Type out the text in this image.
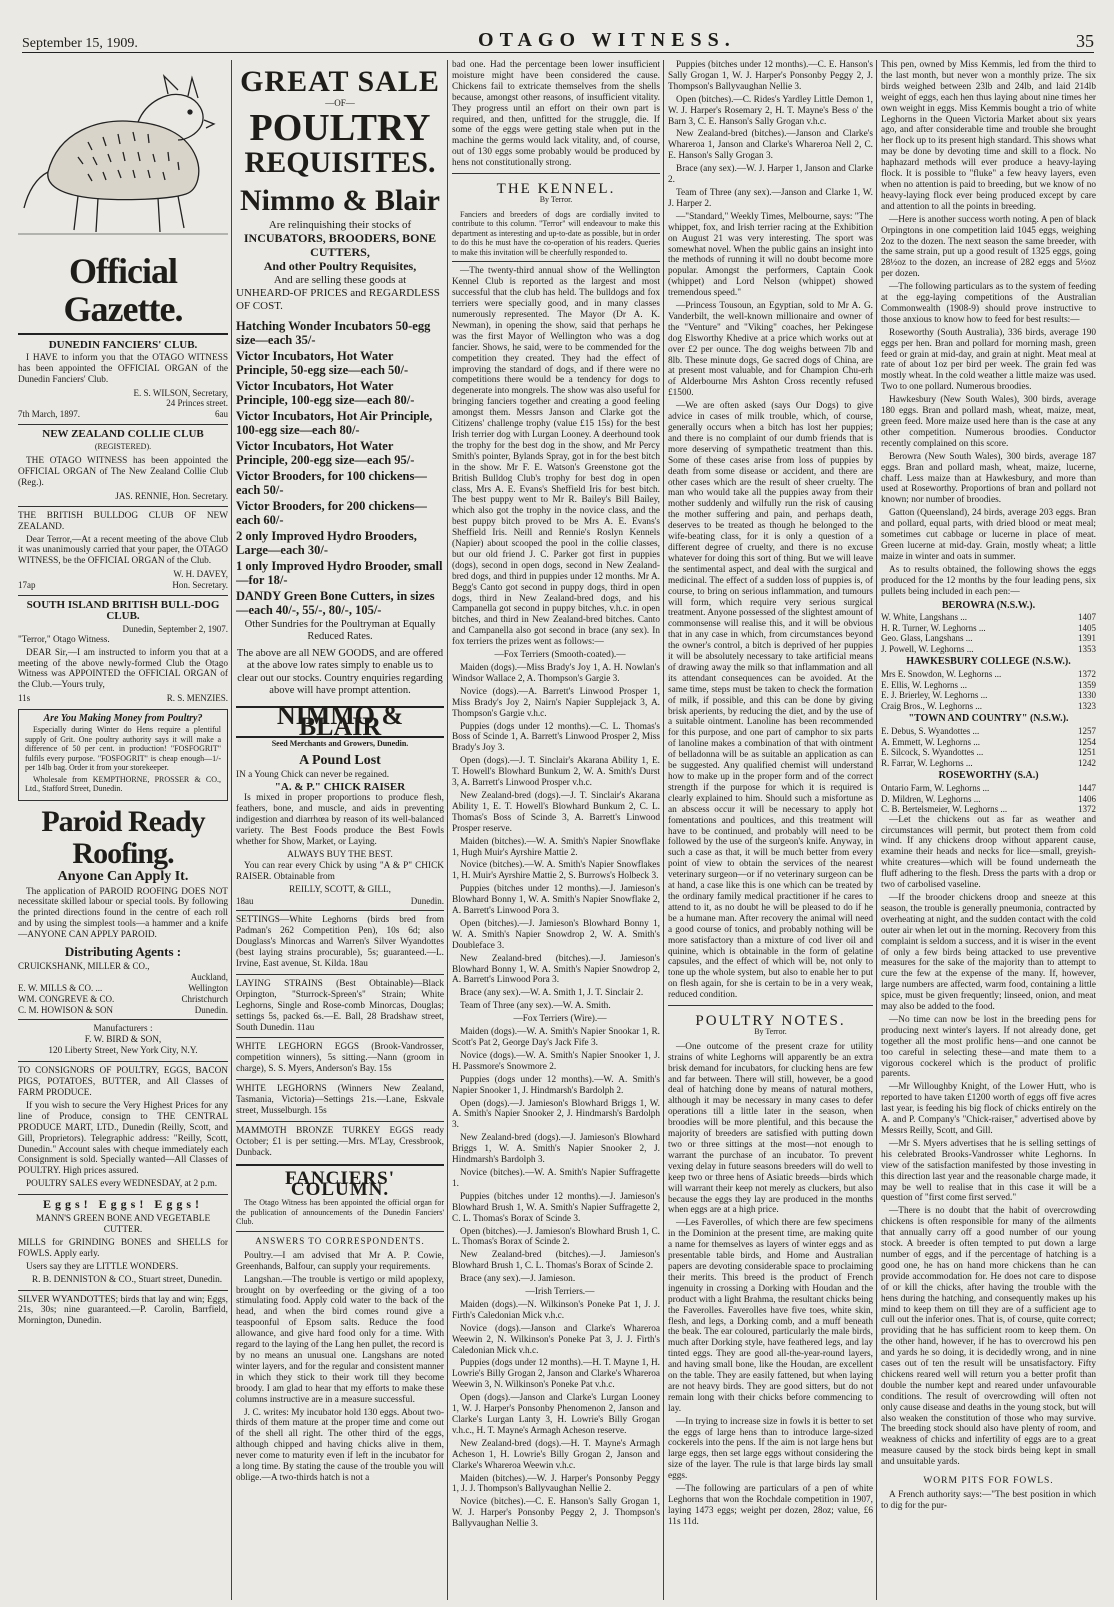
September 15, 1909.	OTAGO WITNESS.	35
Official Gazette.
DUNEDIN FANCIERS' CLUB.

I HAVE to inform you that the OTAGO WITNESS has been appointed the OFFICIAL ORGAN of the Dunedin Fanciers' Club.

E. S. WILSON, Secretary,
24 Princes street.
7th March, 1897.	6au
NEW ZEALAND COLLIE CLUB
(REGISTERED).

THE OTAGO WITNESS has been appointed the OFFICIAL ORGAN of The New Zealand Collie Club (Reg.).

JAS. RENNIE, Hon. Secretary.

THE BRITISH BULLDOG CLUB OF NEW ZEALAND.

Dear Terror,—At a recent meeting of the above Club it was unanimously carried that your paper, the OTAGO WITNESS, be the OFFICIAL ORGAN of the Club.

W. H. DAVEY,
17ap	Hon. Secretary.
SOUTH ISLAND BRITISH BULL-DOG CLUB.
Dunedin, September 2, 1907.

"Terror," Otago Witness.

DEAR Sir,—I am instructed to inform you that at a meeting of the above newly-formed Club the Otago Witness was APPOINTED the OFFICIAL ORGAN of the Club.—Yours truly,

11s	R. S. MENZIES.
Are You Making Money from Poultry?

Especially during Winter do Hens require a plentiful supply of Grit. One poultry authority says it will make a difference of 50 per cent. in production! "FOSFOGRIT" fulfils every purpose. "FOSFOGRIT" is cheap enough—1/- per 14lb bag. Order it from your storekeeper.

Wholesale from KEMPTHORNE, PROSSER & CO., Ltd., Stafford Street, Dunedin.

Paroid Ready Roofing.
Anyone Can Apply It.

The application of PAROID ROOFING DOES NOT necessitate skilled labour or special tools. By following the printed directions found in the centre of each roll and by using the simplest tools—a hammer and a knife—ANYONE CAN APPLY PAROID.

Distributing Agents :
CRUICKSHANK, MILLER & CO.,
Auckland,
E. W. MILLS & CO. ...	Wellington
WM. CONGREVE & CO.	Christchurch
C. M. HOWISON & SON	Dunedin.
Manufacturers :
F. W. BIRD & SON,
120 Liberty Street, New York City, N.Y.

TO CONSIGNORS OF POULTRY, EGGS, BACON PIGS, POTATOES, BUTTER, and All Classes of FARM PRODUCE.

If you wish to secure the Very Highest Prices for any line of Produce, consign to THE CENTRAL PRODUCE MART, LTD., Dunedin (Reilly, Scott, and Gill, Proprietors). Telegraphic address: "Reilly, Scott, Dunedin." Account sales with cheque immediately each Consignment is sold. Specially wanted—All Classes of POULTRY. High prices assured.

POULTRY SALES every WEDNESDAY, at 2 p.m.

Eggs! Eggs! Eggs!

MANN'S GREEN BONE AND VEGETABLE CUTTER.

MILLS for GRINDING BONES and SHELLS for FOWLS. Apply early.

Users say they are LITTLE WONDERS.

R. B. DENNISTON & CO., Stuart street, Dunedin.

SILVER WYANDOTTES; birds that lay and win; Eggs, 21s, 30s; nine guaranteed.—P. Carolin, Barrfield, Mornington, Dunedin.

GREAT SALE
—OF—
POULTRY
REQUISITES.
Nimmo & Blair
Are relinquishing their stocks of
INCUBATORS, BROODERS, BONE CUTTERS,
And other Poultry Requisites,
And are selling these goods at
UNHEARD-OF PRICES and REGARDLESS OF COST.
Hatching Wonder Incubators 50-egg size—each 35/-
Victor Incubators, Hot Water Principle, 50-egg size—each 50/-
Victor Incubators, Hot Water Principle, 100-egg size—each 80/-
Victor Incubators, Hot Air Principle, 100-egg size—each 80/-
Victor Incubators, Hot Water Principle, 200-egg size—each 95/-
Victor Brooders, for 100 chickens—each 50/-
Victor Brooders, for 200 chickens—each 60/-
2 only Improved Hydro Brooders, Large—each 30/-
1 only Improved Hydro Brooder, small—for 18/-
DANDY Green Bone Cutters, in sizes—each 40/-, 55/-, 80/-, 105/-
Other Sundries for the Poultryman at Equally Reduced Rates.
The above are all NEW GOODS, and are offered at the above low rates simply to enable us to clear out our stocks. Country enquiries regarding above will have prompt attention.
NIMMO & BLAIR
Seed Merchants and Growers, Dunedin.
A Pound Lost

IN a Young Chick can never be regained.

"A. & P." CHICK RAISER

Is mixed in proper proportions to produce flesh, feathers, bone, and muscle, and aids in preventing indigestion and diarrhœa by reason of its well-balanced variety. The Best Foods produce the Best Fowls whether for Show, Market, or Laying.

ALWAYS BUY THE BEST.

You can rear every Chick by using "A & P" CHICK RAISER. Obtainable from

REILLY, SCOTT, & GILL,
18au	Dunedin.

SETTINGS—White Leghorns (birds bred from Padman's 262 Competition Pen), 10s 6d; also Douglass's Minorcas and Warren's Silver Wyandottes (best laying strains procurable), 5s; guaranteed.—L. Irvine, East avenue, St. Kilda. 18au

LAYING STRAINS (Best Obtainable)—Black Orpington, "Sturrock-Spreen's" Strain; White Leghorns, Single and Rose-comb Minorcas, Douglas; settings 5s, packed 6s.—E. Ball, 28 Bradshaw street, South Dunedin. 11au

WHITE LEGHORN EGGS (Brook-Vandrosser, competition winners), 5s sitting.—Nann (groom in charge), S. S. Myers, Anderson's Bay. 15s

WHITE LEGHORNS (Winners New Zealand, Tasmania, Victoria)—Settings 21s.—Lane, Eskvale street, Musselburgh. 15s

MAMMOTH BRONZE TURKEY EGGS ready October; £1 is per setting.—Mrs. M'Lay, Cressbrook, Dunback.

FANCIERS' COLUMN.

The Otago Witness has been appointed the official organ for the publication of announcements of the Dunedin Fanciers' Club.

ANSWERS TO CORRESPONDENTS.

Poultry.—I am advised that Mr A. P. Cowie, Greenhands, Balfour, can supply your requirements.

Langshan.—The trouble is vertigo or mild apoplexy, brought on by overfeeding or the giving of a too stimulating food. Apply cold water to the back of the head, and when the bird comes round give a teaspoonful of Epsom salts. Reduce the food allowance, and give hard food only for a time. With regard to the laying of the Lang hen pullet, the record is by no means an unusual one. Langshans are noted winter layers, and for the regular and consistent manner in which they stick to their work till they become broody. I am glad to hear that my efforts to make these columns instructive are in a measure successful.

J. C. writes: My incubator hold 130 eggs. About two-thirds of them mature at the proper time and come out of the shell all right. The other third of the eggs, although chipped and having chicks alive in them, never come to maturity even if left in the incubator for a long time. By stating the cause of the trouble you will oblige.—A two-thirds hatch is not a

bad one. Had the percentage been lower insufficient moisture might have been considered the cause. Chickens fail to extricate themselves from the shells because, amongst other reasons, of insufficient vitality. They progress until an effort on their own part is required, and then, unfitted for the struggle, die. If some of the eggs were getting stale when put in the machine the germs would lack vitality, and, of course, out of 130 eggs some probably would be produced by hens not constitutionally strong.

THE KENNEL.
By Terror.

Fanciers and breeders of dogs are cordially invited to contribute to this column. "Terror" will endeavour to make this department as interesting and up-to-date as possible, but in order to do this he must have the co-operation of his readers. Queries to make this invitation will be cheerfully responded to.

—The twenty-third annual show of the Wellington Kennel Club is reported as the largest and most successful that the club has held. The bulldogs and fox terriers were specially good, and in many classes numerously represented. The Mayor (Dr A. K. Newman), in opening the show, said that perhaps he was the first Mayor of Wellington who was a dog fancier. Shows, he said, were to be commended for the competition they created. They had the effect of improving the standard of dogs, and if there were no competitions there would be a tendency for dogs to degenerate into mongrels. The show was also useful for bringing fanciers together and creating a good feeling amongst them. Messrs Janson and Clarke got the Citizens' challenge trophy (value £15 15s) for the best Irish terrier dog with Lurgan Looney. A deerhound took the trophy for the best dog in the show, and Mr Percy Smith's pointer, Bylands Spray, got in for the best bitch in the show. Mr F. E. Watson's Greenstone got the British Bulldog Club's trophy for best dog in open class, Mrs A. E. Evans's Sheffield Iris for best bitch. The best puppy went to Mr R. Bailey's Bill Bailey, which also got the trophy in the novice class, and the best puppy bitch proved to be Mrs A. E. Evans's Sheffield Iris. Neill and Rennie's Roslyn Kennels (Napier) about scooped the pool in the collie classes, but our old friend J. C. Parker got first in puppies (dogs), second in open dogs, second in New Zealand-bred dogs, and third in puppies under 12 months. Mr A. Begg's Canto got second in puppy dogs, third in open dogs, third in New Zealand-bred dogs, and his Campanella got second in puppy bitches, v.h.c. in open bitches, and third in New Zealand-bred bitches. Canto and Campanella also got second in brace (any sex). In fox terriers the prizes went as follows:—

—Fox Terriers (Smooth-coated).—

Maiden (dogs).—Miss Brady's Joy 1, A. H. Nowlan's Windsor Wallace 2, A. Thompson's Gargie 3.

Novice (dogs).—A. Barrett's Linwood Prosper 1, Miss Brady's Joy 2, Nairn's Napier Supplejack 3, A. Thompson's Gargie v.h.c.

Puppies (dogs under 12 months).—C. L. Thomas's Boss of Scinde 1, A. Barrett's Linwood Prosper 2, Miss Brady's Joy 3.

Open (dogs).—J. T. Sinclair's Akarana Ability 1, E. T. Howell's Blowhard Bunkum 2, W. A. Smith's Durst 3, A. Barrett's Linwood Prosper v.h.c.

New Zealand-bred (dogs).—J. T. Sinclair's Akarana Ability 1, E. T. Howell's Blowhard Bunkum 2, C. L. Thomas's Boss of Scinde 3, A. Barrett's Linwood Prosper reserve.

Maiden (bitches).—W. A. Smith's Napier Snowflake 1, Hugh Muir's Ayrshire Mattie 2.

Novice (bitches).—W. A. Smith's Napier Snowflakes 1, H. Muir's Ayrshire Mattie 2, S. Burrows's Holbeck 3.

Puppies (bitches under 12 months).—J. Jamieson's Blowhard Bonny 1, W. A. Smith's Napier Snowflake 2, A. Barrett's Linwood Pora 3.

Open (bitches).—J. Jamieson's Blowhard Bonny 1, W. A. Smith's Napier Snowdrop 2, W. A. Smith's Doubleface 3.

New Zealand-bred (bitches).—J. Jamieson's Blowhard Bonny 1, W. A. Smith's Napier Snowdrop 2, A. Barrett's Linwood Pora 3.

Brace (any sex).—W. A. Smith 1, J. T. Sinclair 2.

Team of Three (any sex).—W. A. Smith.

—Fox Terriers (Wire).—

Maiden (dogs).—W. A. Smith's Napier Snookar 1, R. Scott's Pat 2, George Day's Jack Fife 3.

Novice (dogs).—W. A. Smith's Napier Snooker 1, J. H. Passmore's Snowmore 2.

Puppies (dogs under 12 months).—W. A. Smith's Napier Snooker 1, J. Hindmarsh's Bardolph 2.

Open (dogs).—J. Jamieson's Blowhard Briggs 1, W. A. Smith's Napier Snooker 2, J. Hindmarsh's Bardolph 3.

New Zealand-bred (dogs).—J. Jamieson's Blowhard Briggs 1, W. A. Smith's Napier Snooker 2, J. Hindmarsh's Bardolph 3.

Novice (bitches).—W. A. Smith's Napier Suffragette 1.

Puppies (bitches under 12 months).—J. Jamieson's Blowhard Brush 1, W. A. Smith's Napier Suffragette 2, C. L. Thomas's Borax of Scinde 3.

Open (bitches).—J. Jamieson's Blowhard Brush 1, C. L. Thomas's Borax of Scinde 2.

New Zealand-bred (bitches).—J. Jamieson's Blowhard Brush 1, C. L. Thomas's Borax of Scinde 2.

Brace (any sex).—J. Jamieson.

—Irish Terriers.—

Maiden (dogs).—N. Wilkinson's Poneke Pat 1, J. J. Firth's Caledonian Mick v.h.c.

Novice (dogs).—Janson and Clarke's Whareroa Weewin 2, N. Wilkinson's Poneke Pat 3, J. J. Firth's Caledonian Mick v.h.c.

Puppies (dogs under 12 months).—H. T. Mayne 1, H. Lowrie's Billy Grogan 2, Janson and Clarke's Whareroa Weewin 3, N. Wilkinson's Poneke Pat v.h.c.

Open (dogs).—Janson and Clarke's Lurgan Looney 1, W. J. Harper's Ponsonby Phenomenon 2, Janson and Clarke's Lurgan Lanty 3, H. Lowrie's Billy Grogan v.h.c., H. T. Mayne's Armagh Acheson reserve.

New Zealand-bred (dogs).—H. T. Mayne's Armagh Acheson 1, H. Lowrie's Billy Grogan 2, Janson and Clarke's Whareroa Weewin v.h.c.

Maiden (bitches).—W. J. Harper's Ponsonby Peggy 1, J. J. Thompson's Ballyvaughan Nellie 2.

Novice (bitches).—C. E. Hanson's Sally Grogan 1, W. J. Harper's Ponsonby Peggy 2, J. Thompson's Ballyvaughan Nellie 3.

Puppies (bitches under 12 months).—C. E. Hanson's Sally Grogan 1, W. J. Harper's Ponsonby Peggy 2, J. Thompson's Ballyvaughan Nellie 3.

Open (bitches).—C. Rides's Yardley Little Demon 1, W. J. Harper's Rosemary 2, H. T. Mayne's Bess o' the Barn 3, C. E. Hanson's Sally Grogan v.h.c.

New Zealand-bred (bitches).—Janson and Clarke's Whareroa 1, Janson and Clarke's Whareroa Nell 2, C. E. Hanson's Sally Grogan 3.

Brace (any sex).—W. J. Harper 1, Janson and Clarke 2.

Team of Three (any sex).—Janson and Clarke 1, W. J. Harper 2.

—"Standard," Weekly Times, Melbourne, says: "The whippet, fox, and Irish terrier racing at the Exhibition on August 21 was very interesting. The sport was somewhat novel. When the public gains an insight into the methods of running it will no doubt become more popular. Amongst the performers, Captain Cook (whippet) and Lord Nelson (whippet) showed tremendous speed."

—Princess Tousoun, an Egyptian, sold to Mr A. G. Vanderbilt, the well-known millionaire and owner of the "Venture" and "Viking" coaches, her Pekingese dog Elsworthy Khedive at a price which works out at over £2 per ounce. The dog weighs between 7lb and 8lb. These minute dogs, Ge sacred dogs of China, are at present most valuable, and for Champion Chu-erh of Alderbourne Mrs Ashton Cross recently refused £1500.

—We are often asked (says Our Dogs) to give advice in cases of milk trouble, which, of course, generally occurs when a bitch has lost her puppies; and there is no complaint of our dumb friends that is more deserving of sympathetic treatment than this. Some of these cases arise from loss of puppies by death from some disease or accident, and there are other cases which are the result of sheer cruelty. The man who would take all the puppies away from their mother suddenly and wilfully run the risk of causing the mother suffering and pain, and perhaps death, deserves to be treated as though he belonged to the wife-beating class, for it is only a question of a different degree of cruelty, and there is no excuse whatever for doing this sort of thing. But we will leave the sentimental aspect, and deal with the surgical and medicinal. The effect of a sudden loss of puppies is, of course, to bring on serious inflammation, and tumours will form, which require very serious surgical treatment. Anyone possessed of the slightest amount of commonsense will realise this, and it will be obvious that in any case in which, from circumstances beyond the owner's control, a bitch is deprived of her puppies it will be absolutely necessary to take artificial means of drawing away the milk so that inflammation and all its attendant consequences can be avoided. At the same time, steps must be taken to check the formation of milk, if possible, and this can be done by giving brisk aperients, by reducing the diet, and by the use of a suitable ointment. Lanoline has been recommended for this purpose, and one part of camphor to six parts of lanoline makes a combination of that with ointment of belladonna will be as suitable an application as can be suggested. Any qualified chemist will understand how to make up in the proper form and of the correct strength if the purpose for which it is required is clearly explained to him. Should such a misfortune as an abscess occur it will be necessary to apply hot fomentations and poultices, and this treatment will have to be continued, and probably will need to be followed by the use of the surgeon's knife. Anyway, in such a case as that, it will be much better from every point of view to obtain the services of the nearest veterinary surgeon—or if no veterinary surgeon can be at hand, a case like this is one which can be treated by the ordinary family medical practitioner if he cares to attend to it, as no doubt he will be pleased to do if he be a humane man. After recovery the animal will need a good course of tonics, and probably nothing will be more satisfactory than a mixture of cod liver oil and quinine, which is obtainable in the form of gelatine capsules, and the effect of which will be, not only to tone up the whole system, but also to enable her to put on flesh again, for she is certain to be in a very weak, reduced condition.

POULTRY NOTES.
By Terror.

—One outcome of the present craze for utility strains of white Leghorns will apparently be an extra brisk demand for incubators, for clucking hens are few and far between. There will still, however, be a good deal of hatching done by means of natural mothers, although it may be necessary in many cases to defer operations till a little later in the season, when broodies will be more plentiful, and this because the majority of breeders are satisfied with putting down two or three sittings at the most—not enough to warrant the purchase of an incubator. To prevent vexing delay in future seasons breeders will do well to keep two or three hens of Asiatic breeds—birds which will warrant their keep not merely as cluckers, but also because the eggs they lay are produced in the months when eggs are at a high price.

—Les Faverolles, of which there are few specimens in the Dominion at the present time, are making quite a name for themselves as layers of winter eggs and as presentable table birds, and Home and Australian papers are devoting considerable space to proclaiming their merits. This breed is the product of French ingenuity in crossing a Dorking with Houdan and the product with a light Brahma, the resultant chicks being the Faverolles. Faverolles have five toes, white skin, flesh, and legs, a Dorking comb, and a muff beneath the beak. The ear coloured, particularly the male birds, much after Dorking style, have feathered legs, and lay tinted eggs. They are good all-the-year-round layers, and having small bone, like the Houdan, are excellent on the table. They are easily fattened, but when laying are not heavy birds. They are good sitters, but do not remain long with their chicks before commencing to lay.

—In trying to increase size in fowls it is better to set the eggs of large hens than to introduce large-sized cockerels into the pens. If the aim is not large hens but large eggs, then set large eggs without considering the size of the layer. The rule is that large birds lay small eggs.

—The following are particulars of a pen of white Leghorns that won the Rochdale competition in 1907, laying 1473 eggs; weight per dozen, 28oz; value, £6 11s 11d.

This pen, owned by Miss Kemmis, led from the third to the last month, but never won a monthly prize. The six birds weighed between 23lb and 24lb, and laid 214lb weight of eggs, each hen thus laying about nine times her own weight in eggs. Miss Kemmis bought a trio of white Leghorns in the Queen Victoria Market about six years ago, and after considerable time and trouble she brought her flock up to its present high standard. This shows what may be done by devoting time and skill to a flock. No haphazard methods will ever produce a heavy-laying flock. It is possible to "fluke" a few heavy layers, even when no attention is paid to breeding, but we know of no heavy-laying flock ever being produced except by care and attention to all the points in breeding.

—Here is another success worth noting. A pen of black Orpingtons in one competition laid 1045 eggs, weighing 2oz to the dozen. The next season the same breeder, with the same strain, put up a good result of 1325 eggs, going 28½oz to the dozen, an increase of 282 eggs and 5½oz per dozen.

—The following particulars as to the system of feeding at the egg-laying competitions of the Australian Commonwealth (1908-9) should prove instructive to those anxious to know how to feed for best results:—

Roseworthy (South Australia), 336 birds, average 190 eggs per hen. Bran and pollard for morning mash, green feed or grain at mid-day, and grain at night. Meat meal at rate of about 1oz per bird per week. The grain fed was mostly wheat. In the cold weather a little maize was used. Two to one pollard. Numerous broodies.

Hawkesbury (New South Wales), 300 birds, average 180 eggs. Bran and pollard mash, wheat, maize, meat, green feed. More maize used here than is the case at any other competition. Numerous broodies. Conductor recently complained on this score.

Berowra (New South Wales), 300 birds, average 187 eggs. Bran and pollard mash, wheat, maize, lucerne, chaff. Less maize than at Hawkesbury, and more than used at Roseworthy. Proportions of bran and pollard not known; nor number of broodies.

Gatton (Queensland), 24 birds, average 203 eggs. Bran and pollard, equal parts, with dried blood or meat meal; sometimes cut cabbage or lucerne in place of meat. Green lucerne at mid-day. Grain, mostly wheat; a little maize in winter and oats in summer.

As to results obtained, the following shows the eggs produced for the 12 months by the four leading pens, six pullets being included in each pen:—

BEROWRA (N.S.W.).
W. White, Langshans ...	1407
H. R. Turner, W. Leghorns ...	1405
Geo. Glass, Langshans ...	1391
J. Powell, W. Leghorns ...	1353
HAWKESBURY COLLEGE (N.S.W.).
Mrs E. Snowdon, W. Leghorns ...	1372
E. Ellis, W. Leghorns ...	1359
E. J. Brierley, W. Leghorns ...	1330
Craig Bros., W. Leghorns ...	1323
"TOWN AND COUNTRY" (N.S.W.).
E. Debus, S. Wyandottes ...	1257
A. Emmett, W. Leghorns ...	1254
E. Silcock, S. Wyandottes ...	1251
R. Farrar, W. Leghorns ...	1242
ROSEWORTHY (S.A.)
Ontario Farm, W. Leghorns ...	1447
D. Mildren, W. Leghorns ...	1406
C. B. Bertelsmeier, W. Leghorns ...	1372

—Let the chickens out as far as weather and circumstances will permit, but protect them from cold wind. If any chickens droop without apparent cause, examine their heads and necks for lice—small, greyish-white creatures—which will be found underneath the fluff adhering to the flesh. Dress the parts with a drop or two of carbolised vaseline.

—If the brooder chickens droop and sneeze at this season, the trouble is generally pneumonia, contracted by overheating at night, and the sudden contact with the cold outer air when let out in the morning. Recovery from this complaint is seldom a success, and it is wiser in the event of only a few birds being attacked to use preventive measures for the sake of the majority than to attempt to cure the few at the expense of the many. If, however, large numbers are affected, warm food, containing a little spice, must be given frequently; linseed, onion, and meat may also be added to the food.

—No time can now be lost in the breeding pens for producing next winter's layers. If not already done, get together all the most prolific hens—and one cannot be too careful in selecting these—and mate them to a vigorous cockerel which is the product of prolific parents.

—Mr Willoughby Knight, of the Lower Hutt, who is reported to have taken £1200 worth of eggs off five acres last year, is feeding his big flock of chicks entirely on the A. and P. Company's "Chick-raiser," advertised above by Messrs Reilly, Scott, and Gill.

—Mr S. Myers advertises that he is selling settings of his celebrated Brooks-Vandrosser white Leghorns. In view of the satisfaction manifested by those investing in this direction last year and the reasonable charge made, it may be well to realise that in this case it will be a question of "first come first served."

—There is no doubt that the habit of overcrowding chickens is often responsible for many of the ailments that annually carry off a good number of our young stock. A breeder is often tempted to put down a large number of eggs, and if the percentage of hatching is a good one, he has on hand more chickens than he can provide accommodation for. He does not care to dispose of or kill the chicks, after having the trouble with the hens during the hatching, and consequently makes up his mind to keep them on till they are of a sufficient age to cull out the inferior ones. That is, of course, quite correct; providing that he has sufficient room to keep them. On the other hand, however, if he has to overcrowd his pen and yards he so doing, it is decidedly wrong, and in nine cases out of ten the result will be unsatisfactory. Fifty chickens reared well will return you a better profit than double the number kept and reared under unfavourable conditions. The result of overcrowding will often not only cause disease and deaths in the young stock, but will also weaken the constitution of those who may survive. The breeding stock should also have plenty of room, and weakness of chicks and infertility of eggs are to a great measure caused by the stock birds being kept in small and unsuitable yards.

WORM PITS FOR FOWLS.

A French authority says:—"The best position in which to dig for the pur-
